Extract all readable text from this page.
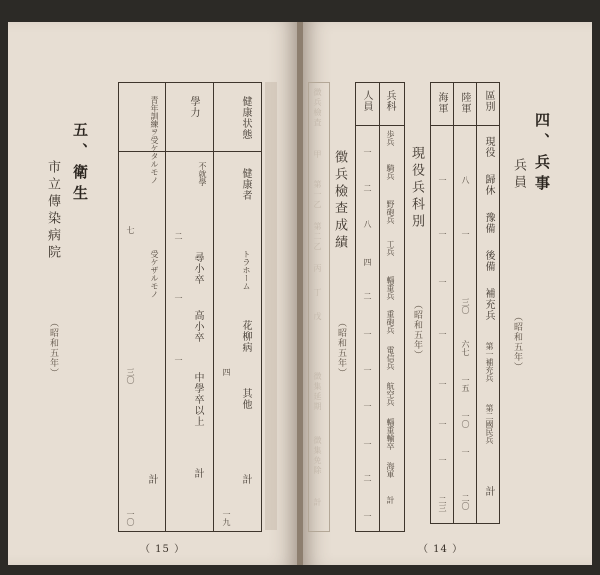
四、兵事
兵員
（昭和五年）
區別
陸軍
海軍
現役
歸休
豫備
後備
補充兵
第一補充兵
第二國民兵
計
八
一
三〇
六七
一五
一〇
一
二〇
一
一
一
一
一
一
一
二三
現役兵科別
（昭和五年）
兵科
人員
歩兵
騎兵
野砲兵
工兵
輜重兵
重砲兵
電信兵
航空兵
輜重輸卒
海軍
計
一
二
八
四
二
一
一
一
一
二
一
徴兵檢查成績
（昭和五年）
徴兵檢査
甲
第一乙
第二乙
丙
丁
戊
徴集延期
徴集免除
計
（ 14 ）
五、衛生
市立傳染病院
（昭和五年）
健康状態
健康者
トラホーム
花柳病
其他
計
學力
不就學
尋小卒
高小卒
中學卒以上
計
青年訓練ヲ受ケタルモノ
受ケザルモノ
計
七
二
一
三〇	四
一
一〇	一九
（ 15 ）
